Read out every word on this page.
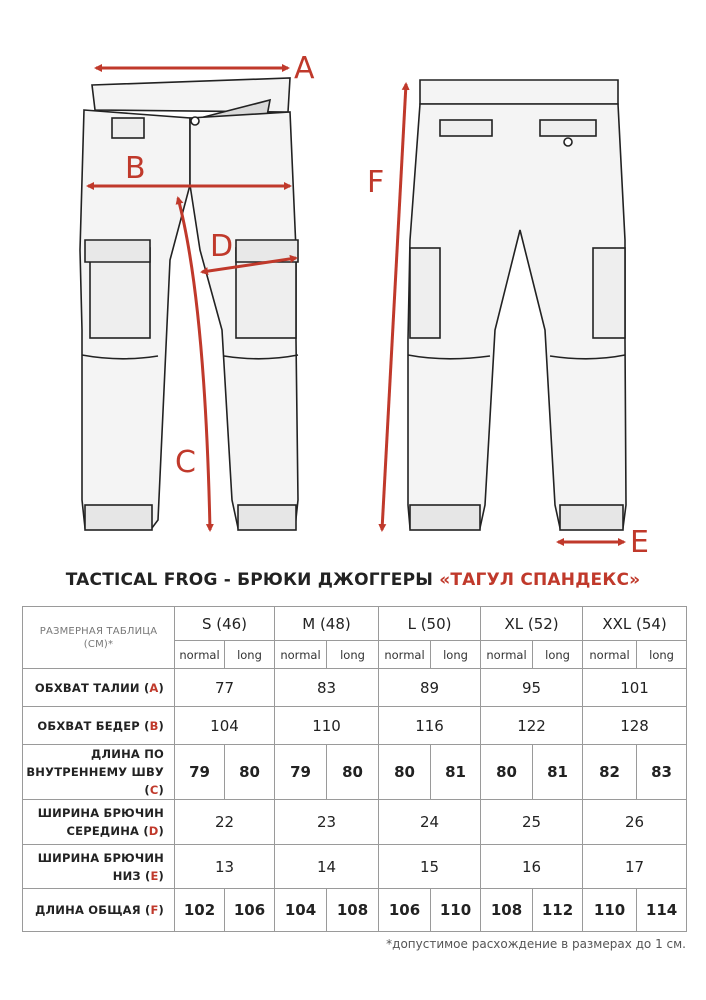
A
B
C
D
E
F
TACTICAL FROG - БРЮКИ ДЖОГГЕРЫ «ТАГУЛ СПАНДЕКС»
РАЗМЕРНАЯ ТАБЛИЦА
(СМ)*	S (46)		M (48)		L (50)		XL (52)		XXL (54)	
	normal	long	normal	long	normal	long	normal	long	normal	long
ОБХВАТ ТАЛИИ (A)	77		83		89		95		101	
ОБХВАТ БЕДЕР (B)	104		110		116		122		128	
ДЛИНА ПО
ВНУТРЕННЕМУ ШВУ (C)	79	80	79	80	80	81	80	81	82	83
ШИРИНА БРЮЧИН
СЕРЕДИНА (D)	22		23		24		25		26	
ШИРИНА БРЮЧИН
НИЗ (E)	13		14		15		16		17	
ДЛИНА ОБЩАЯ (F)	102	106	104	108	106	110	108	112	110	114
*допустимое расхождение в размерах до 1 см.
